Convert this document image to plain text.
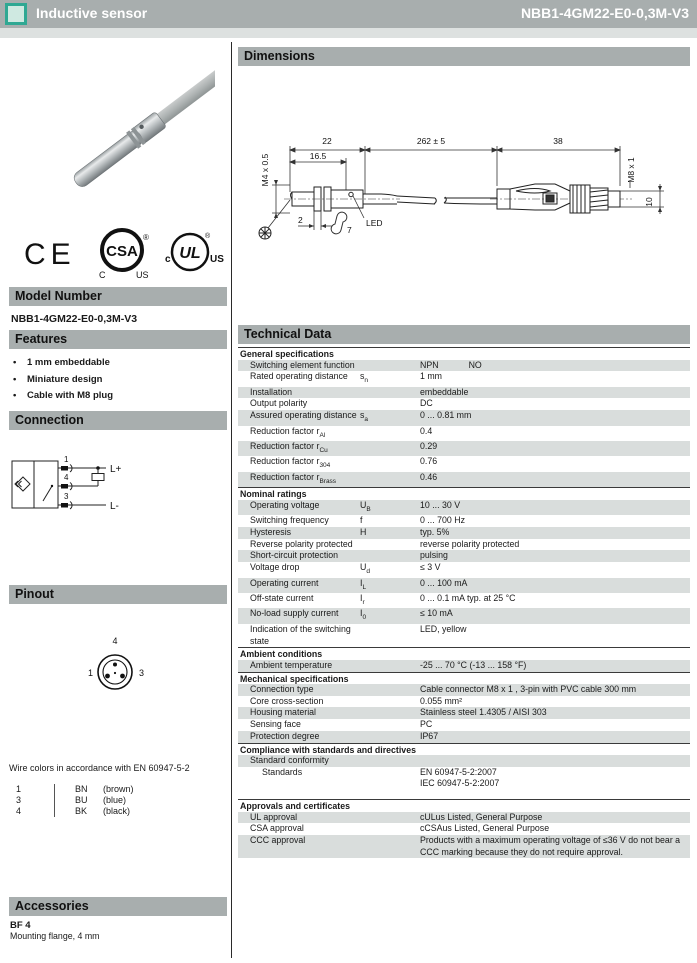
Inductive sensor	NBB1-4GM22-E0-0,3M-V3
CE CSA
®
C	US
UL
c	US
®
Model Number
NBB1-4GM22-E0-0,3M-V3
Features
•	1 mm embeddable
•	Miniature design
•	Cable with M8 plug
Connection
1
L+
4
3
L-
Pinout
4
1	3
Wire colors in accordance with EN 60947-5-2
1	BN	(brown)
3	BU	(blue)
4	BK	(black)
Accessories
BF 4
Mounting flange, 4 mm
Dimensions
22
16.5
262 ± 5	38
M4 x 0.5	M8 x 1
10
2
7
LED
Technical Data
General specifications
Switching element function	NPN	NO
Rated operating distance	$s_n$	1 mm
Installation	embeddable
Output polarity	DC
Assured operating distance $s_a$	0 ... 0.81 mm
Reduction factor $r_{Al}$	0.4
Reduction factor $r_{Cu}$	0.29
Reduction factor $r_{304}$	0.76
Reduction factor $r_{Brass}$	0.46
Nominal ratings
Operating voltage	$U_B$	10 ... 30 V
Switching frequency	f	0 ... 700 Hz
Hysteresis	H	typ. 5%
Reverse polarity protected	reverse polarity protected
Short-circuit protection	pulsing
Voltage drop	$U_d$	≤ 3 V
Operating current	$I_L$	0 ... 100 mA
Off-state current	$I_r$	0 ... 0.1 mA typ. at 25 °C
No-load supply current	$I_0$	≤ 10 mA
Indication of the switching state
LED, yellow
Ambient conditions
Ambient temperature	-25 ... 70 °C (-13 ... 158 °F)
Mechanical specifications
Connection type	Cable connector M8 x 1 , 3-pin with PVC cable 300 mm
Core cross-section	0.055 mm²
Housing material	Stainless steel 1.4305 / AISI 303
Sensing face	PC
Protection degree	IP67
Compliance with standards and directives
Standard conformity
Standards	EN 60947-5-2:2007
IEC 60947-5-2:2007
Approvals and certificates
UL approval	cULus Listed, General Purpose
CSA approval	cCSAus Listed, General Purpose
CCC approval	Products with a maximum operating voltage of ≤36 V do not bear a
CCC marking because they do not require approval.
